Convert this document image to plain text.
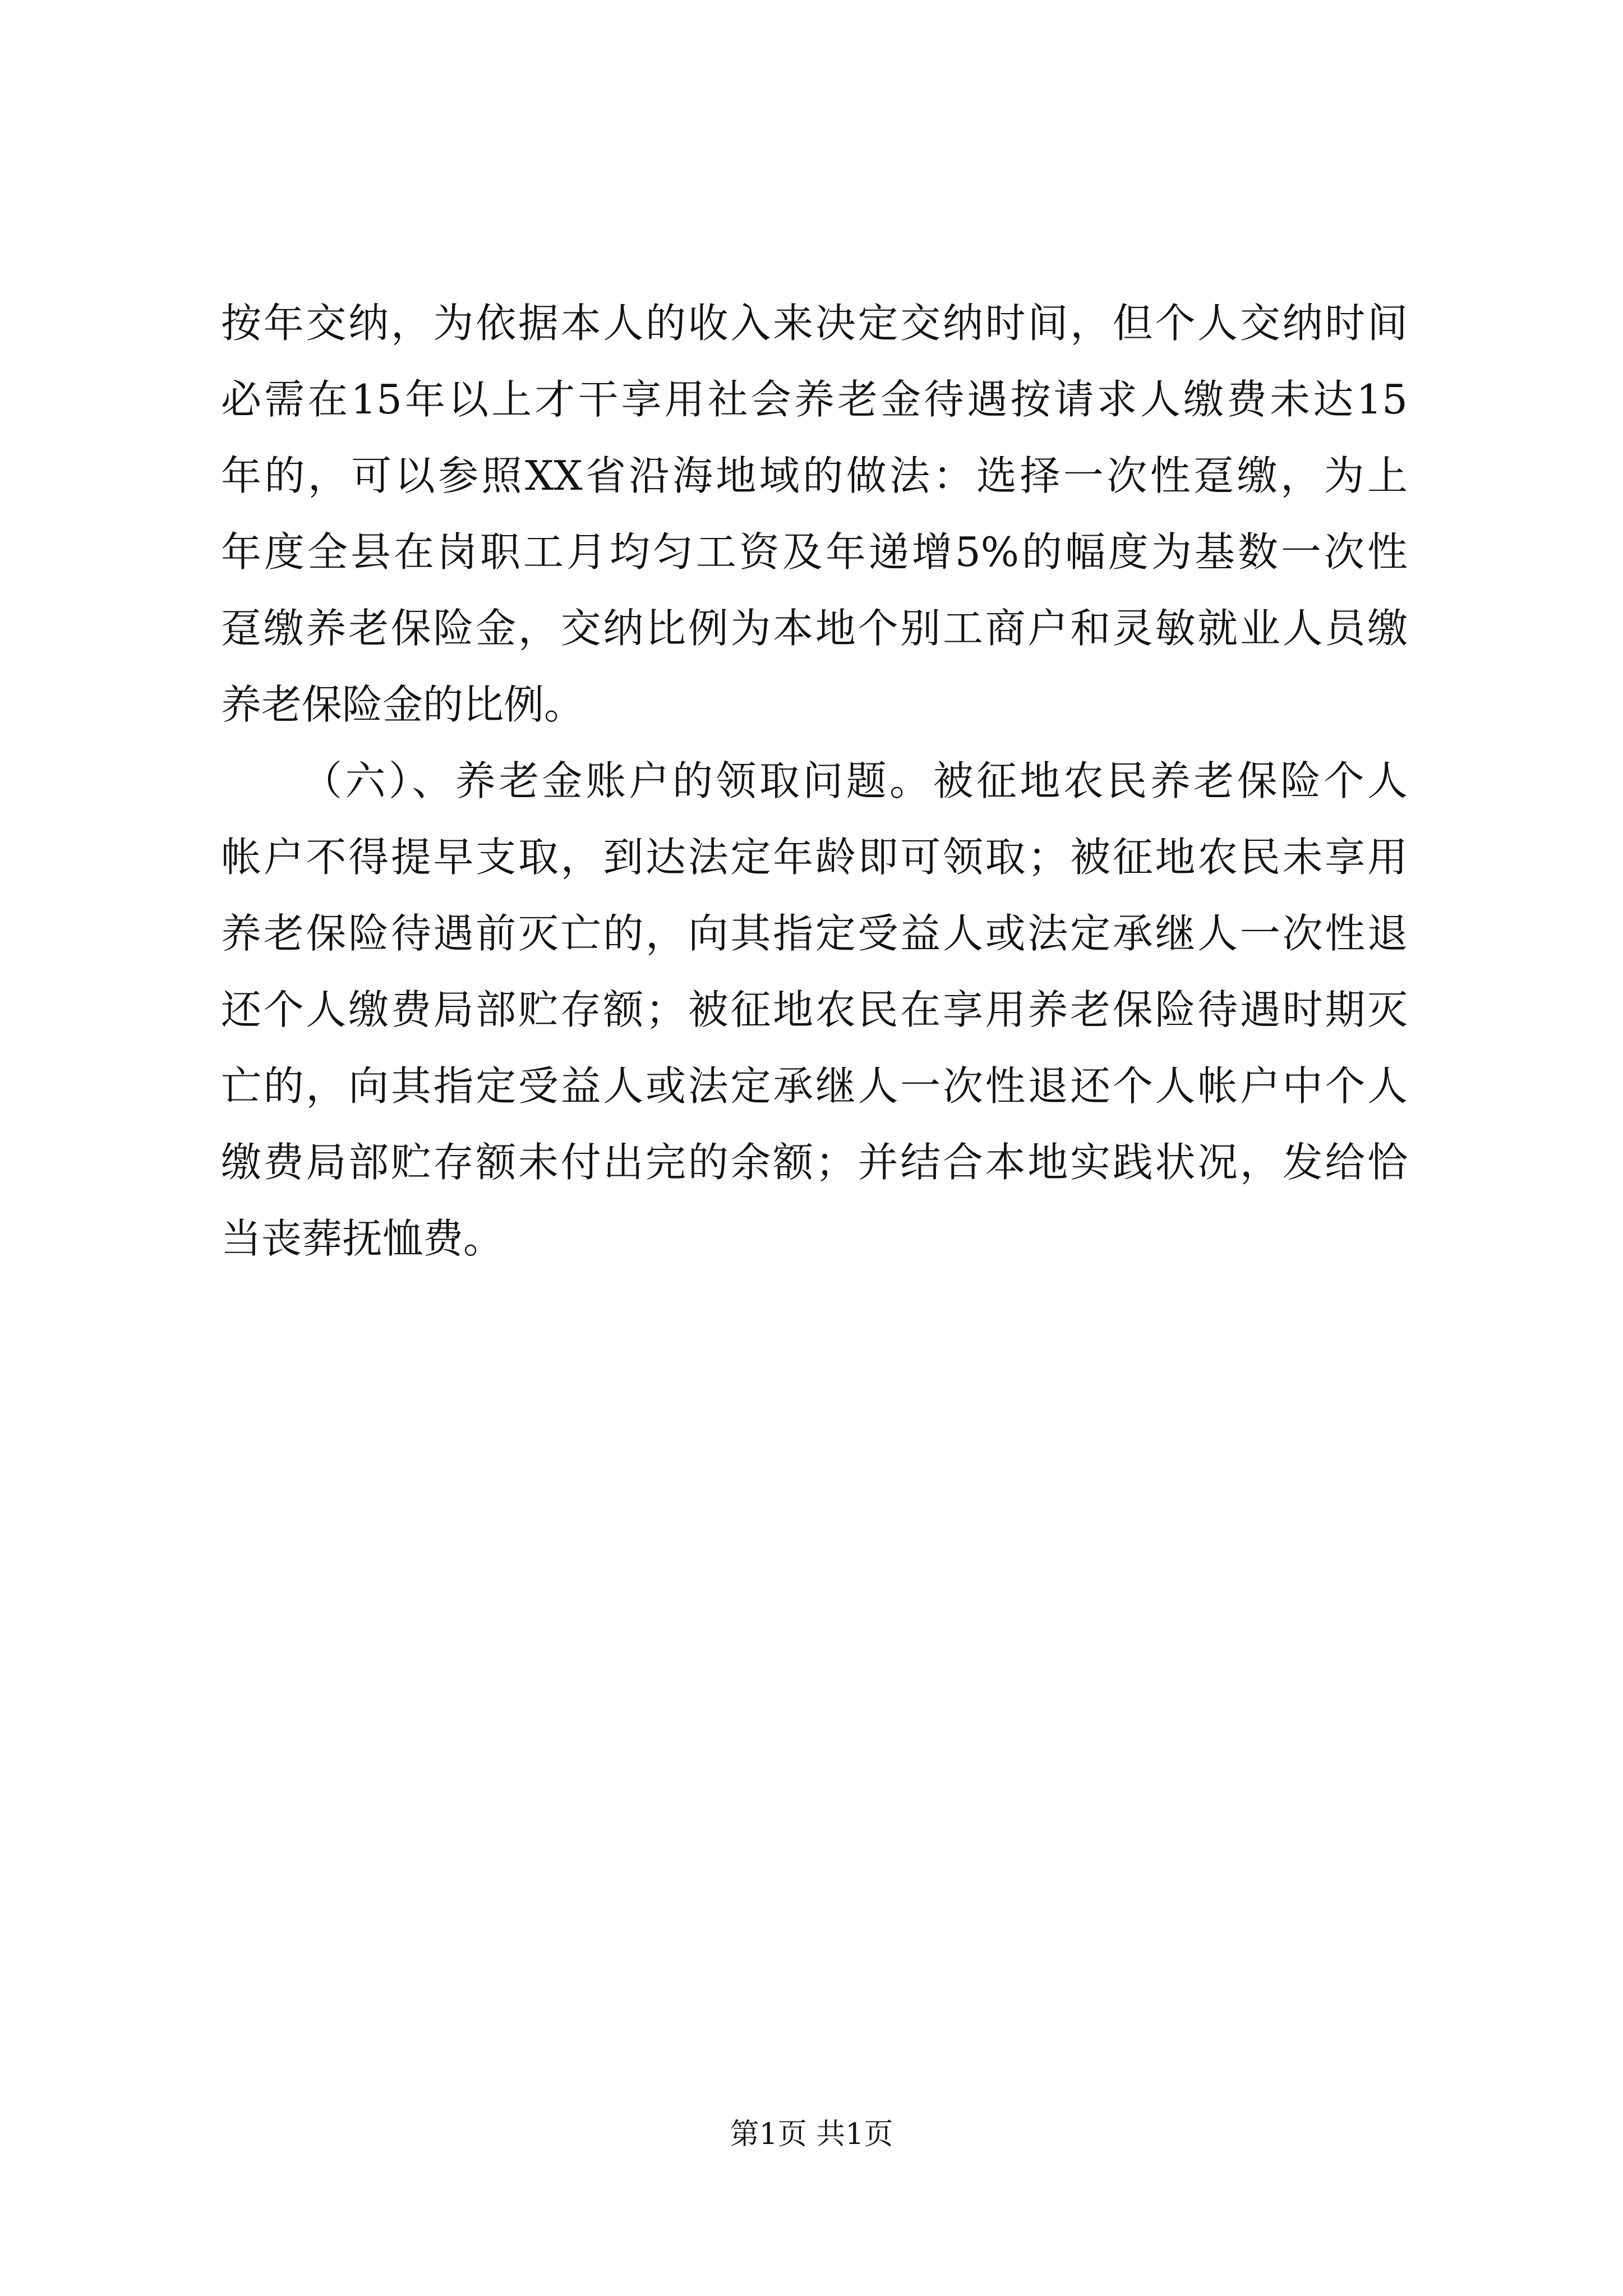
按年交纳，为依据本人的收入来决定交纳时间，但个人交纳时间
必需在15年以上才干享用社会养老金待遇按请求人缴费未达15
年的，可以参照XX省沿海地域的做法：选择一次性趸缴，为上
年度全县在岗职工月均匀工资及年递增5%的幅度为基数一次性
趸缴养老保险金，交纳比例为本地个别工商户和灵敏就业人员缴
养老保险金的比例。
（六）、养老金账户的领取问题。被征地农民养老保险个人
帐户不得提早支取，到达法定年龄即可领取；被征地农民未享用
养老保险待遇前灭亡的，向其指定受益人或法定承继人一次性退
还个人缴费局部贮存额；被征地农民在享用养老保险待遇时期灭
亡的，向其指定受益人或法定承继人一次性退还个人帐户中个人
缴费局部贮存额未付出完的余额；并结合本地实践状况，发给恰
当丧葬抚恤费。
第1页 共1页
